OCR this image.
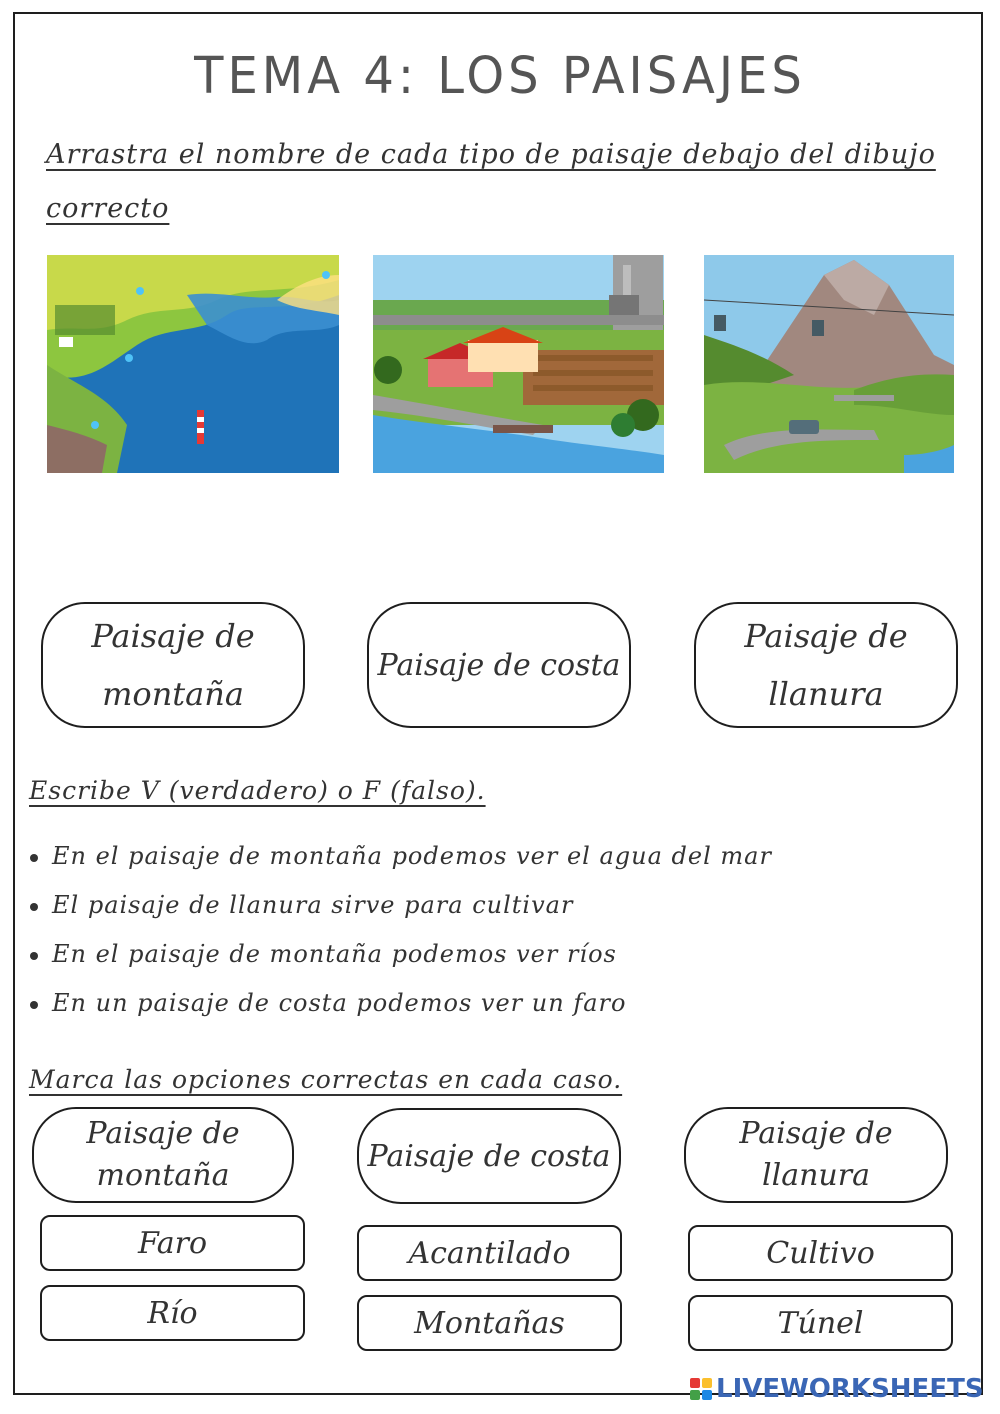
TEMA 4: LOS PAISAJES
Arrastra el nombre de cada tipo de paisaje debajo del dibujo correcto
Paisaje de
montaña
Paisaje de costa
Paisaje de
llanura
Escribe V (verdadero) o F (falso).
En el paisaje de montaña podemos ver el agua del mar
El paisaje de llanura sirve para cultivar
En el paisaje de montaña podemos ver ríos
En un paisaje de costa podemos ver un faro
Marca las opciones correctas en cada caso.
Paisaje de
montaña
Paisaje de costa
Paisaje de
llanura
Faro
Río
Acantilado
Montañas
Cultivo
Túnel
LIVEWORKSHEETS
